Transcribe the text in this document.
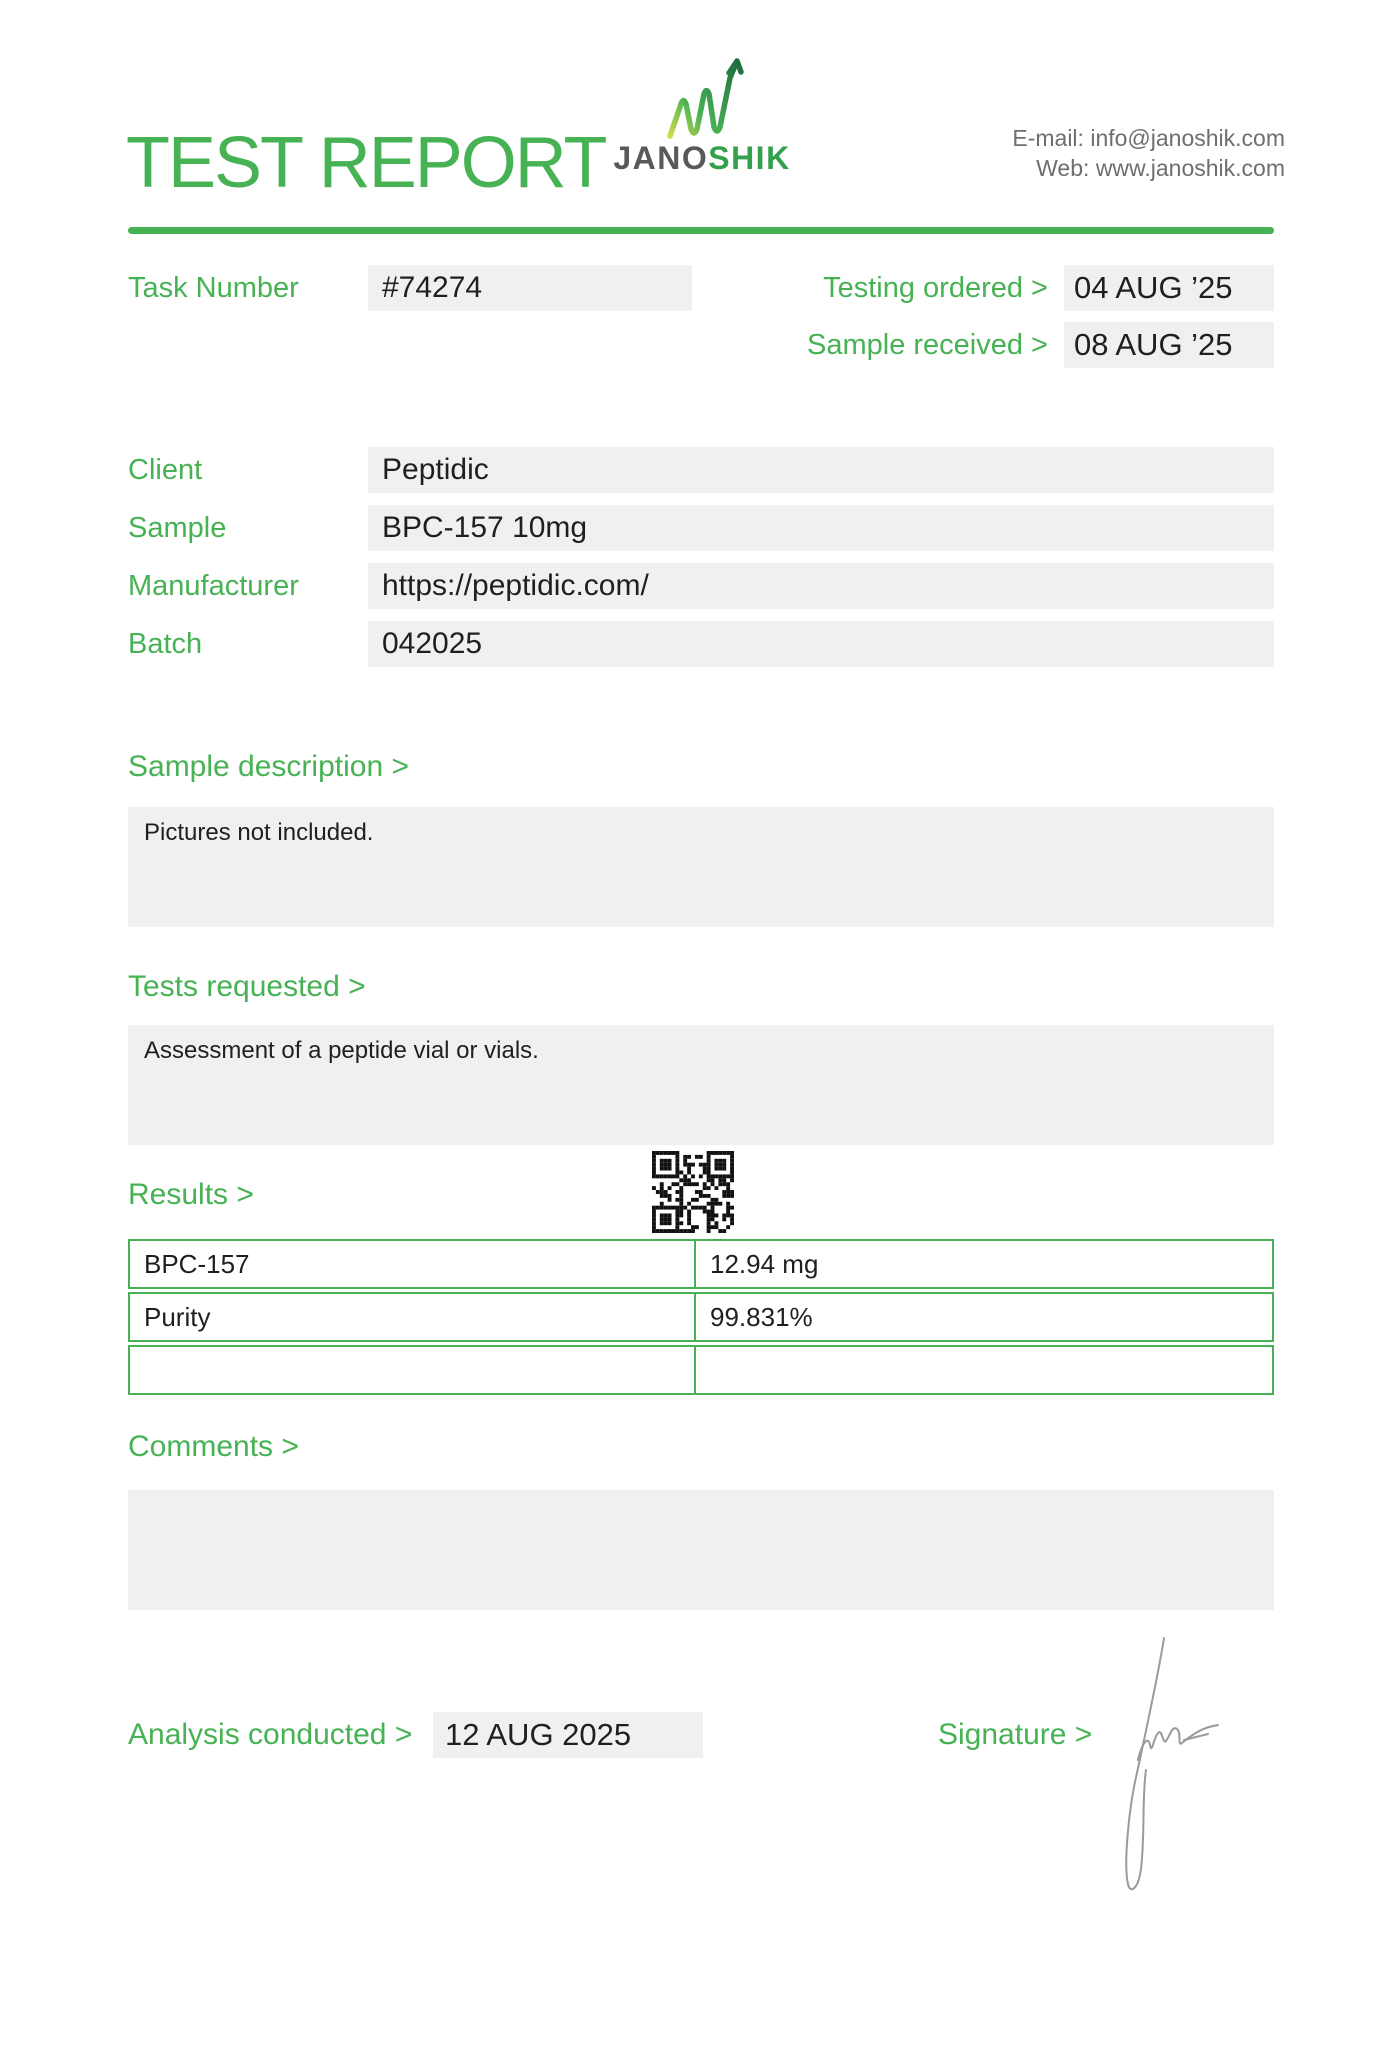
TEST REPORT JANOSHIK
E-mail: info@janoshik.com
Web: www.janoshik.com
Task Number	#74274	Testing ordered > 04 AUG ’25
Sample received > 08 AUG ’25
Client	Peptidic
Sample	BPC-157 10mg
Manufacturer	https://peptidic.com/
Batch	042025
Sample description >
Pictures not included.
Tests requested >
Assessment of a peptide vial or vials.
Results >
BPC-157	12.94 mg
Purity	99.831%
Comments >
Analysis conducted >	12 AUG 2025	Signature >
